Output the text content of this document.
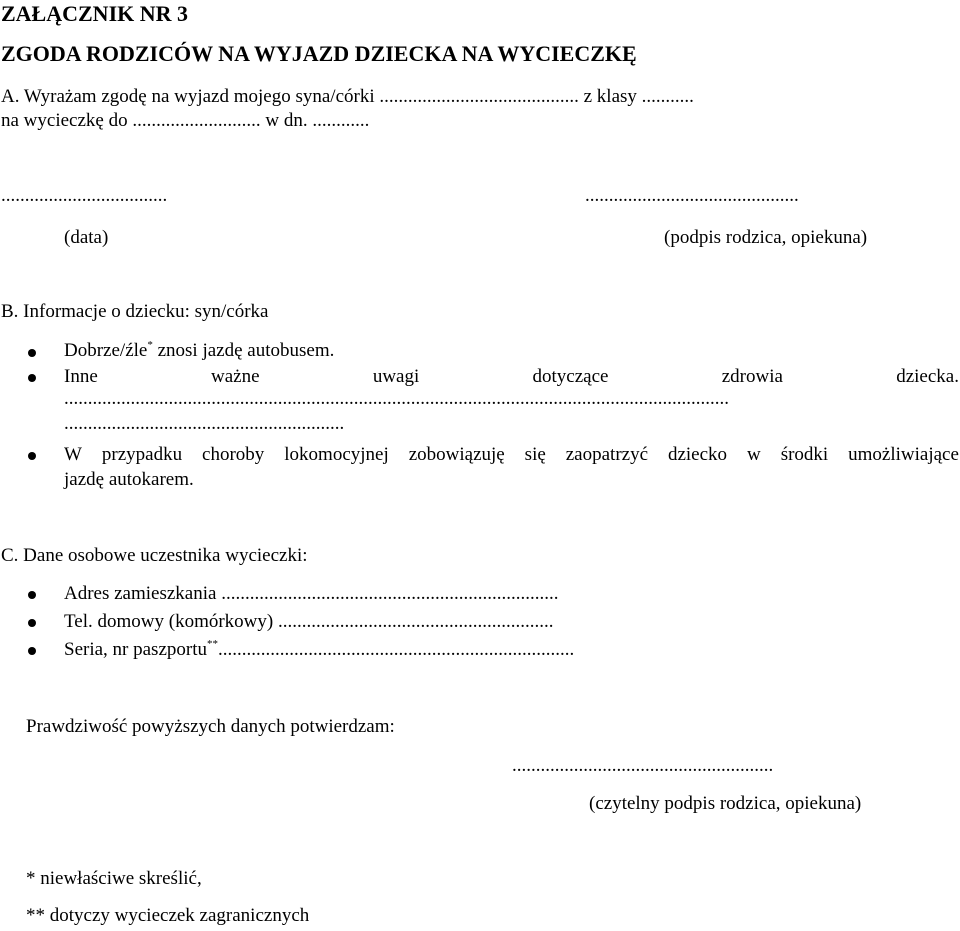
ZAŁĄCZNIK NR 3
ZGODA RODZICÓW NA WYJAZD DZIECKA NA WYCIECZKĘ
A. Wyrażam zgodę na wyjazd mojego syna/córki .......................................... z klasy ...........
na wycieczkę do ........................... w dn. ............
...................................	.............................................
(data)	(podpis rodzica, opiekuna)
B. Informacje o dziecku: syn/córka
Dobrze/źle* znosi jazdę autobusem.
Inne	ważne	uwagi	dotyczące	zdrowia	dziecka.
............................................................................................................................................
...........................................................
W przypadku choroby lokomocyjnej zobowiązuję się zaopatrzyć dziecko w środki umożliwiające
jazdę autokarem.
C. Dane osobowe uczestnika wycieczki:
Adres zamieszkania .......................................................................
Tel. domowy (komórkowy) ..........................................................
Seria, nr paszportu**...........................................................................
Prawdziwość powyższych danych potwierdzam:
.......................................................
(czytelny podpis rodzica, opiekuna)
* niewłaściwe skreślić,
** dotyczy wycieczek zagranicznych
